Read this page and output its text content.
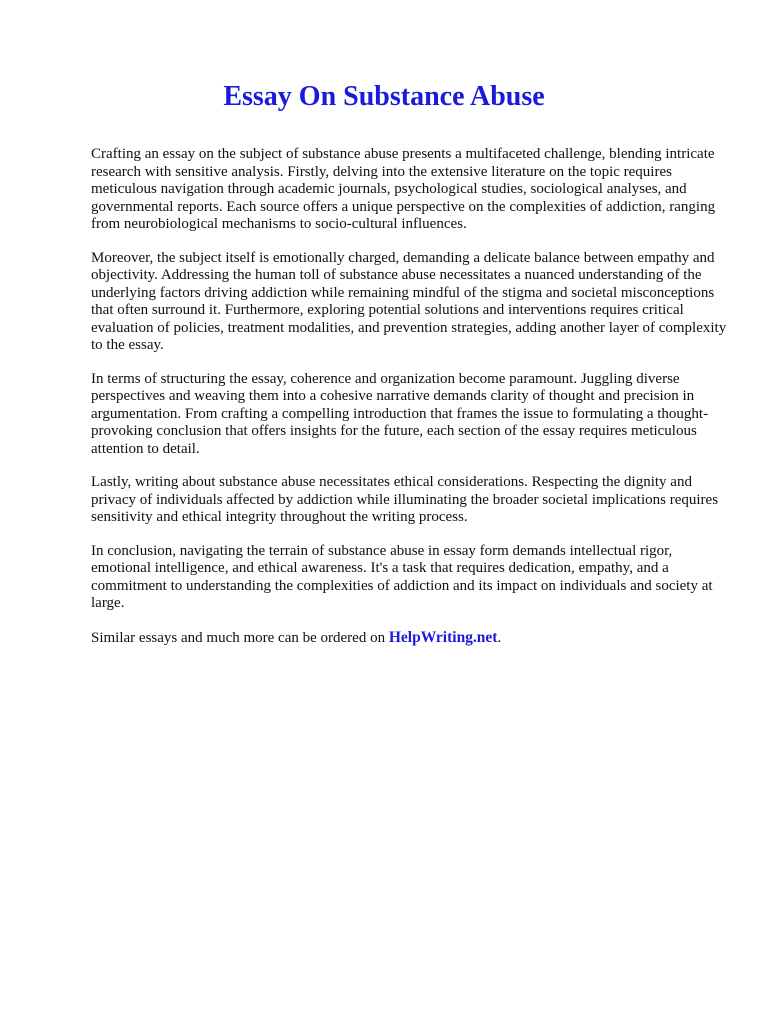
Essay On Substance Abuse

Crafting an essay on the subject of substance abuse presents a multifaceted challenge, blending intricate research with sensitive analysis. Firstly, delving into the extensive literature on the topic requires meticulous navigation through academic journals, psychological studies, sociological analyses, and governmental reports. Each source offers a unique perspective on the complexities of addiction, ranging from neurobiological mechanisms to socio-cultural influences.

Moreover, the subject itself is emotionally charged, demanding a delicate balance between empathy and objectivity. Addressing the human toll of substance abuse necessitates a nuanced understanding of the underlying factors driving addiction while remaining mindful of the stigma and societal misconceptions that often surround it. Furthermore, exploring potential solutions and interventions requires critical evaluation of policies, treatment modalities, and prevention strategies, adding another layer of complexity to the essay.

In terms of structuring the essay, coherence and organization become paramount. Juggling diverse perspectives and weaving them into a cohesive narrative demands clarity of thought and precision in argumentation. From crafting a compelling introduction that frames the issue to formulating a thought-provoking conclusion that offers insights for the future, each section of the essay requires meticulous attention to detail.

Lastly, writing about substance abuse necessitates ethical considerations. Respecting the dignity and privacy of individuals affected by addiction while illuminating the broader societal implications requires sensitivity and ethical integrity throughout the writing process.

In conclusion, navigating the terrain of substance abuse in essay form demands intellectual rigor, emotional intelligence, and ethical awareness. It's a task that requires dedication, empathy, and a commitment to understanding the complexities of addiction and its impact on individuals and society at large.

Similar essays and much more can be ordered on HelpWriting.net.
